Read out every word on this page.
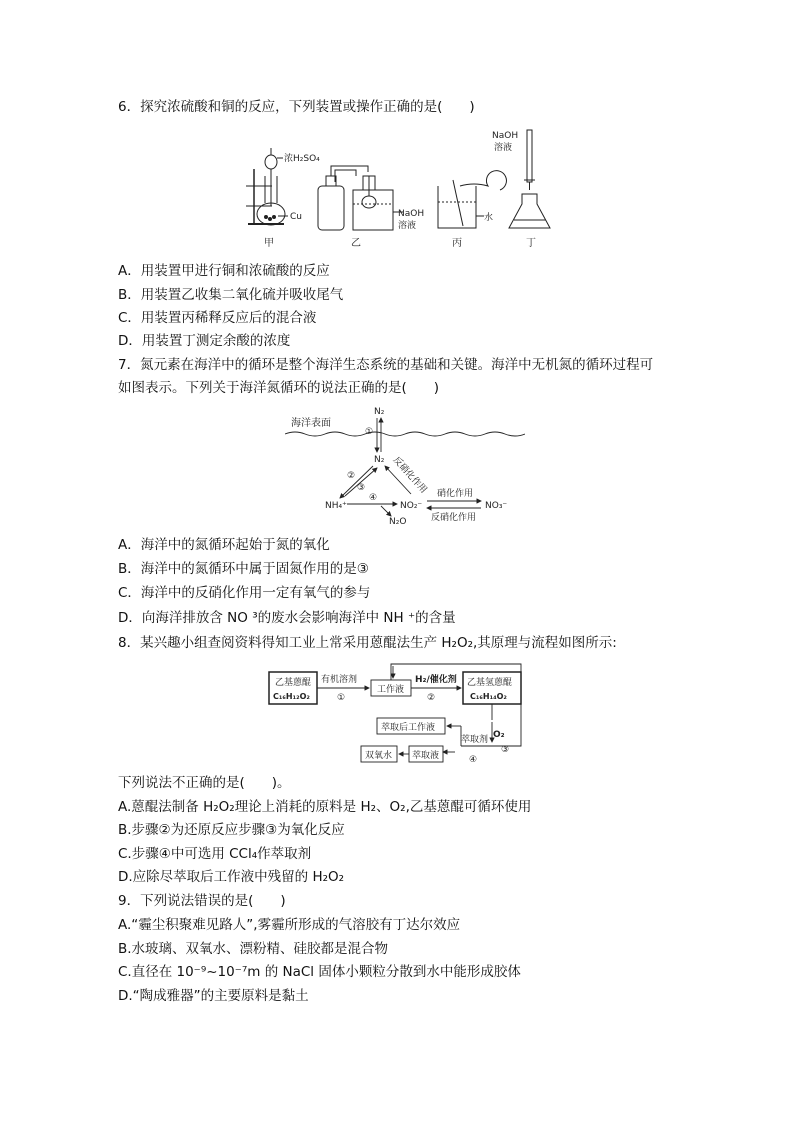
6．探究浓硫酸和铜的反应，下列装置或操作正确的是(　　)
浓H₂SO₄
Cu
甲
NaOH
溶液
乙
水
丙
NaOH
溶液
丁
A．用装置甲进行铜和浓硫酸的反应
B．用装置乙收集二氧化硫并吸收尾气
C．用装置丙稀释反应后的混合液
D．用装置丁测定余酸的浓度
7．氮元素在海洋中的循环是整个海洋生态系统的基础和关键。海洋中无机氮的循环过程可
如图表示。下列关于海洋氮循环的说法正确的是(　　)
海洋表面
N₂
①
N₂
②
③	反硝化作用
NH₄⁺
④
N₂O
NO₂⁻
硝化作用
反硝化作用
NO₃⁻
A．海洋中的氮循环起始于氮的氧化
B．海洋中的氮循环中属于固氮作用的是③
C．海洋中的反硝化作用一定有氧气的参与
D．向海洋排放含 NO ³的废水会影响海洋中 NH ⁺的含量
8．某兴趣小组查阅资料得知工业上常采用蒽醌法生产 H₂O₂,其原理与流程如图所示:
乙基蒽醌
C₁₆H₁₂O₂
有机溶剂
①
工作液
H₂/催化剂
②
乙基氢蒽醌
C₁₆H₁₄O₂
萃取后工作液
O₂
③
萃取剂
④
萃取液
双氧水
下列说法不正确的是(　　)。
A.蒽醌法制备 H₂O₂理论上消耗的原料是 H₂、O₂,乙基蒽醌可循环使用
B.步骤②为还原反应步骤③为氧化反应
C.步骤④中可选用 CCl₄作萃取剂
D.应除尽萃取后工作液中残留的 H₂O₂
9．下列说法错误的是(　　)
A.“霾尘积聚难见路人”,雾霾所形成的气溶胶有丁达尔效应
B.水玻璃、双氧水、漂粉精、硅胶都是混合物
C.直径在 10⁻⁹~10⁻⁷m 的 NaCl 固体小颗粒分散到水中能形成胶体
D.“陶成雅器”的主要原料是黏土
